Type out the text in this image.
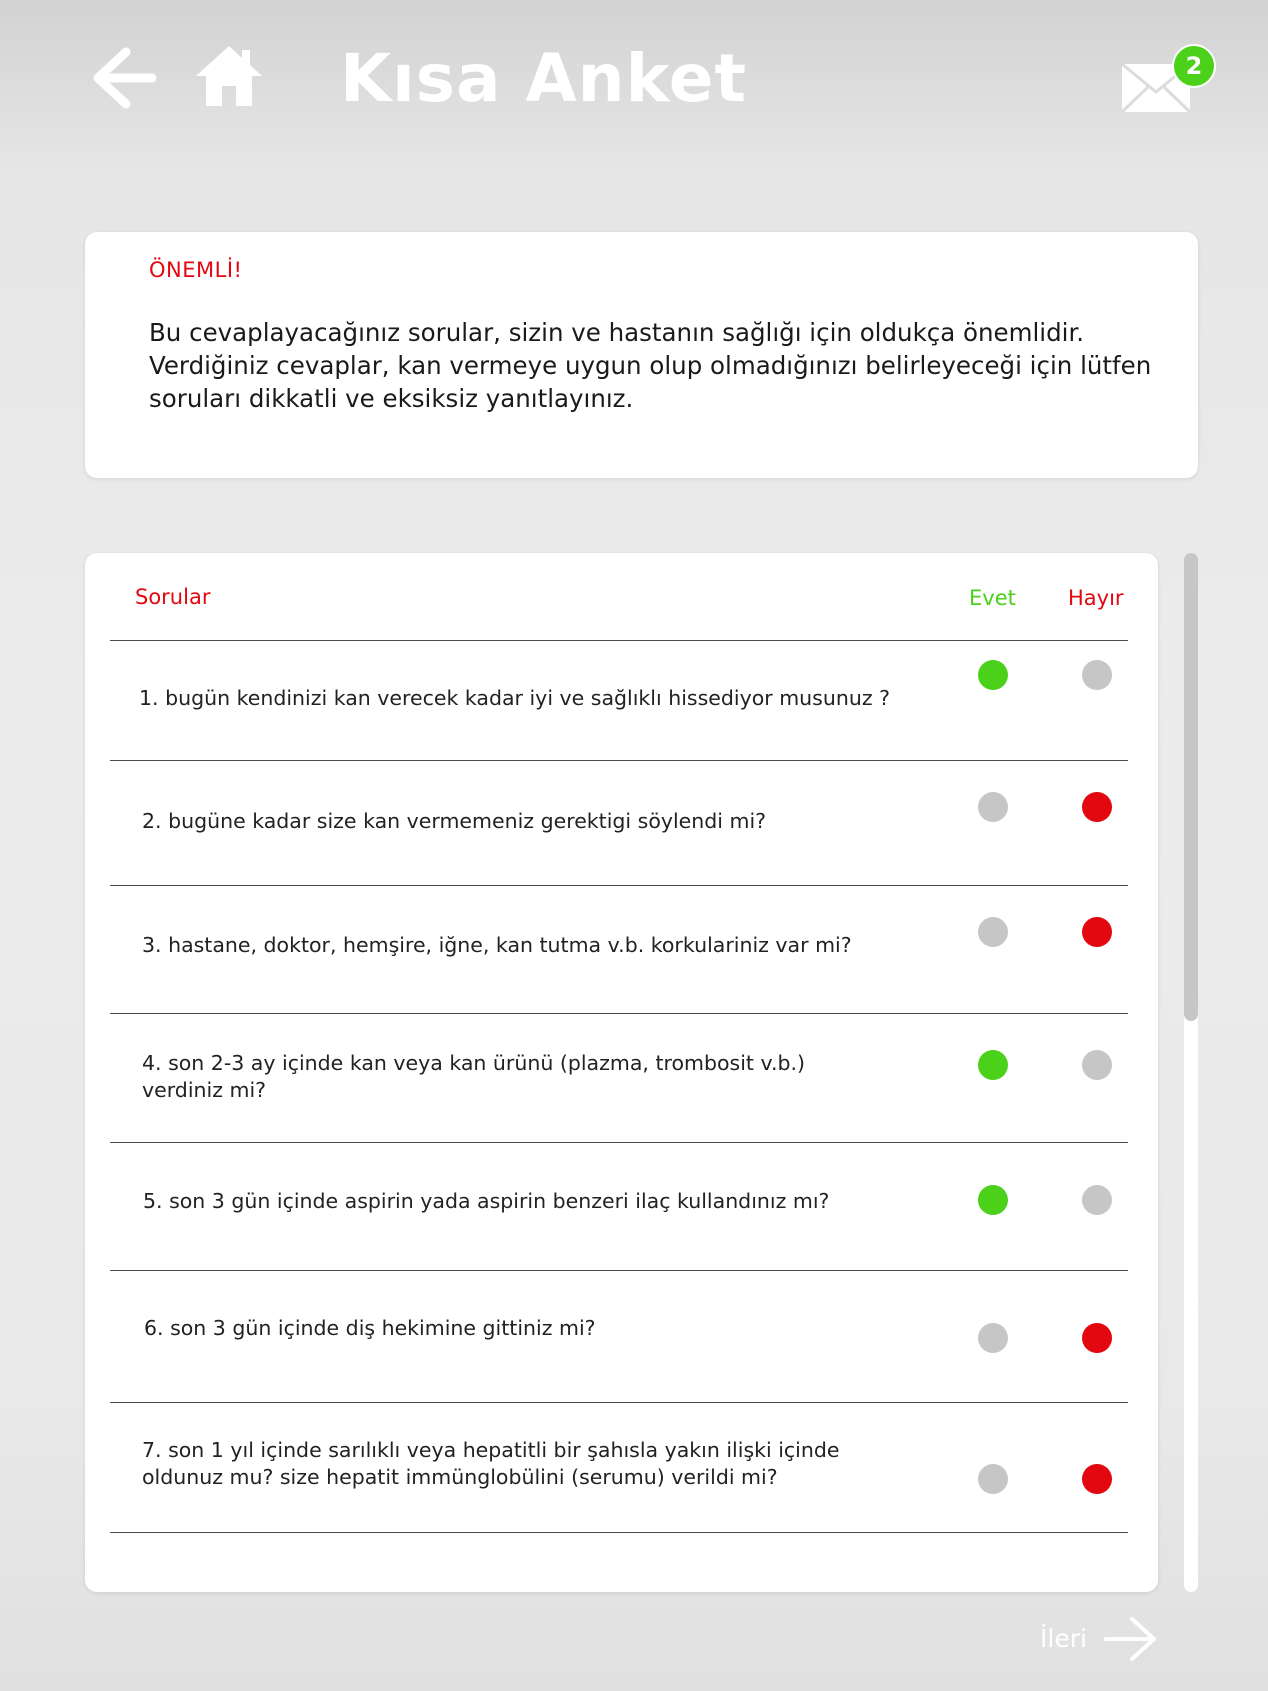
Kısa Anket	2
ÖNEMLİ!
Bu cevaplayacağınız sorular, sizin ve hastanın sağlığı için oldukça önemlidir. Verdiğiniz cevaplar, kan vermeye uygun olup olmadığınızı belirleyeceği için lütfen soruları dikkatli ve eksiksiz yanıtlayınız.
Sorular	Evet Hayır
1. bugün kendinizi kan verecek kadar iyi ve sağlıklı hissediyor musunuz ?
2. bugüne kadar size kan vermemeniz gerektigi söylendi mi?
3. hastane, doktor, hemşire, iğne, kan tutma v.b. korkulariniz var mi?
4. son 2-3 ay içinde kan veya kan ürünü (plazma, trombosit v.b.) verdiniz mi?
5. son 3 gün içinde aspirin yada aspirin benzeri ilaç kullandınız mı?
6. son 3 gün içinde diş hekimine gittiniz mi?
7. son 1 yıl içinde sarılıklı veya hepatitli bir şahısla yakın ilişki içinde oldunuz mu? size hepatit immünglobülini (serumu) verildi mi?
İleri
